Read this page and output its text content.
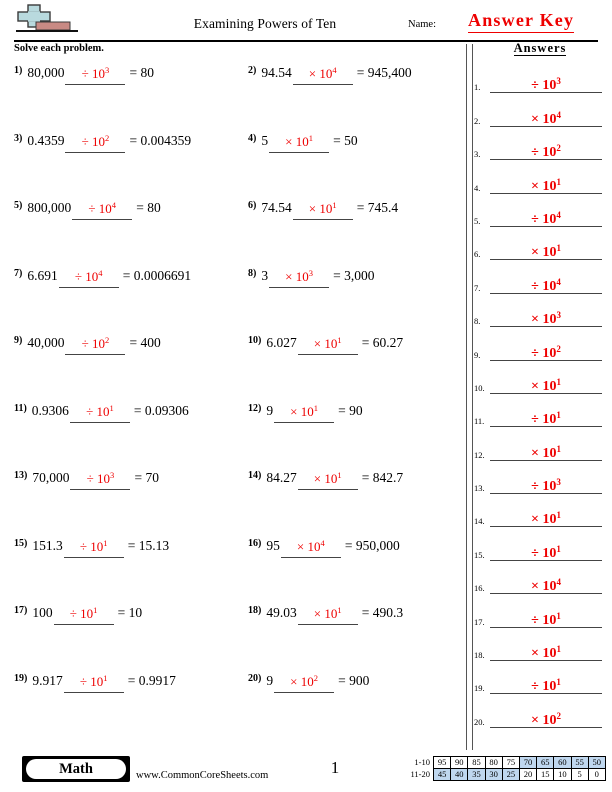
Examining Powers of Ten	Name: Answer Key
Solve each problem.	Answers
$^{1)}$ $80,000 \div 10^3 = 80$	$^{2)}$ $94.54 \times 10^4 = 945,400$
$^{3)}$ $0.4359 \div 10^2 = 0.004359$	$^{4)}$ $5 \times 10^1 = 50$
$^{5)}$ $800,000 \div 10^4 = 80$	$^{6)}$ $74.54 \times 10^1 = 745.4$
$^{7)}$ $6.691 \div 10^4 = 0.0006691$	$^{8)}$ $3 \times 10^3 = 3,000$
$^{9)}$ $40,000 \div 10^2 = 400$	$^{10)}$ $6.027 \times 10^1 = 60.27$
$^{11)}$ $0.9306 \div 10^1 = 0.09306$	$^{12)}$ $9 \times 10^1 = 90$
$^{13)}$ $70,000 \div 10^3 = 70$	$^{14)}$ $84.27 \times 10^1 = 842.7$
$^{15)}$ $151.3 \div 10^1 = 15.13$	$^{16)}$ $95 \times 10^4 = 950,000$
$^{17)}$ $100 \div 10^1 = 10$	$^{18)}$ $49.03 \times 10^1 = 490.3$
$^{19)}$ $9.917 \div 10^1 = 0.9917$	$^{20)}$ $9 \times 10^2 = 900$
1.	÷ $10^3$
2.	× $10^4$
3.	÷ $10^2$
4.	× $10^1$
5.	÷ $10^4$
6.	× $10^1$
7.	÷ $10^4$
8.	× $10^3$
9.	÷ $10^2$
10.	× $10^1$
11.	÷ $10^1$
12.	× $10^1$
13.	÷ $10^3$
14.	× $10^1$
15.	÷ $10^1$
16.	× $10^4$
17.	÷ $10^1$
18.	× $10^1$
19.	÷ $10^1$
20.	× $10^2$
Math	www.CommonCoreSheets.com	1	1-10	95	90	85	80	75	70	65	60	55	50
11-20	45	40	35	30	25	20	15	10	5	0
